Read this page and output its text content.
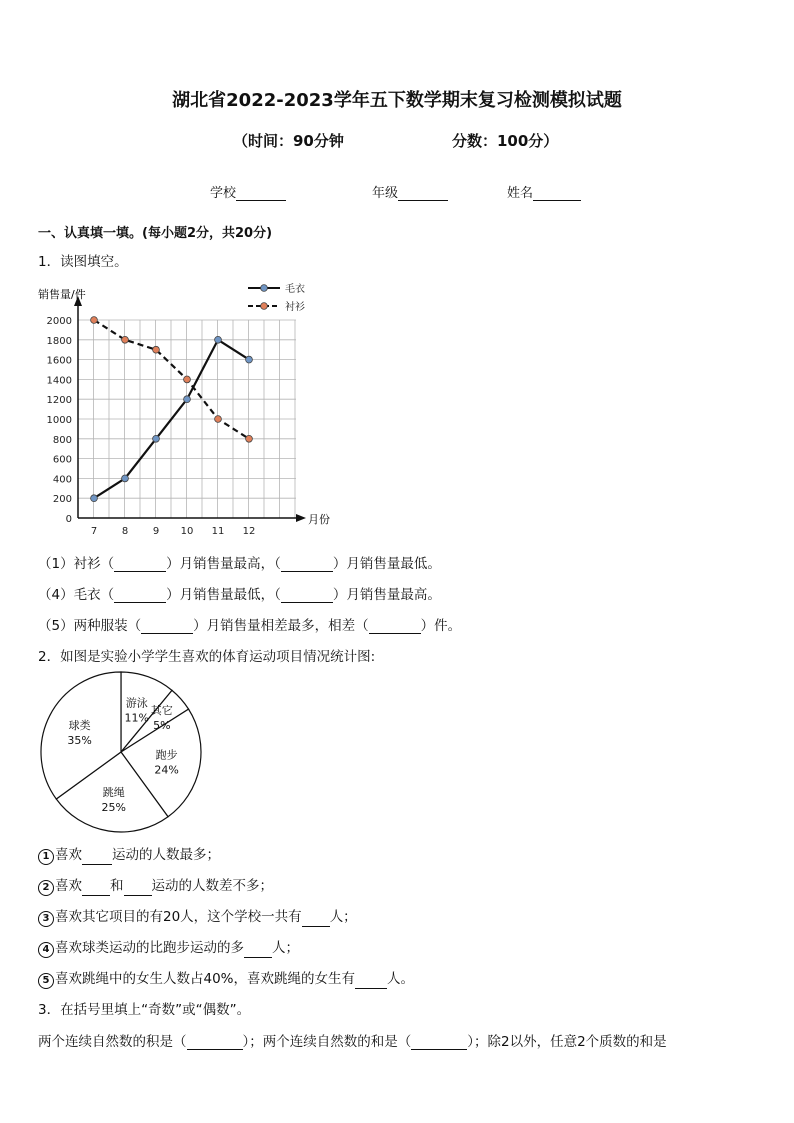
湖北省2022-2023学年五下数学期末复习检测模拟试题
（时间：90分钟	分数：100分）
学校	年级	姓名
一、认真填一填。(每小题2分，共20分)
1．读图填空。
0
200
400
600
800
1000
1200
1400
1600
1800
2000
7 8 9 10 11 12
毛衣
衬衫
销售量/件
月份
（1）衬衫（	）月销售量最高，（	）月销售量最低。
（4）毛衣（	）月销售量最低，（	）月销售量最高。
（5）两种服装（	）月销售量相差最多，相差（	）件。
2．如图是实验小学学生喜欢的体育运动项目情况统计图:
游泳
11%
其它
5%
跑步
24%
跳绳
25%
球类
35%
1 喜欢 运动的人数最多；
2 喜欢 和 运动的人数差不多；
3 喜欢其它项目的有20人，这个学校一共有 人；
4 喜欢球类运动的比跑步运动的多 人；
5 喜欢跳绳中的女生人数占40%，喜欢跳绳的女生有 人。
3．在括号里填上“奇数”或“偶数”。
两个连续自然数的积是（	）；两个连续自然数的和是（	）；除2以外，任意2个质数的和是
